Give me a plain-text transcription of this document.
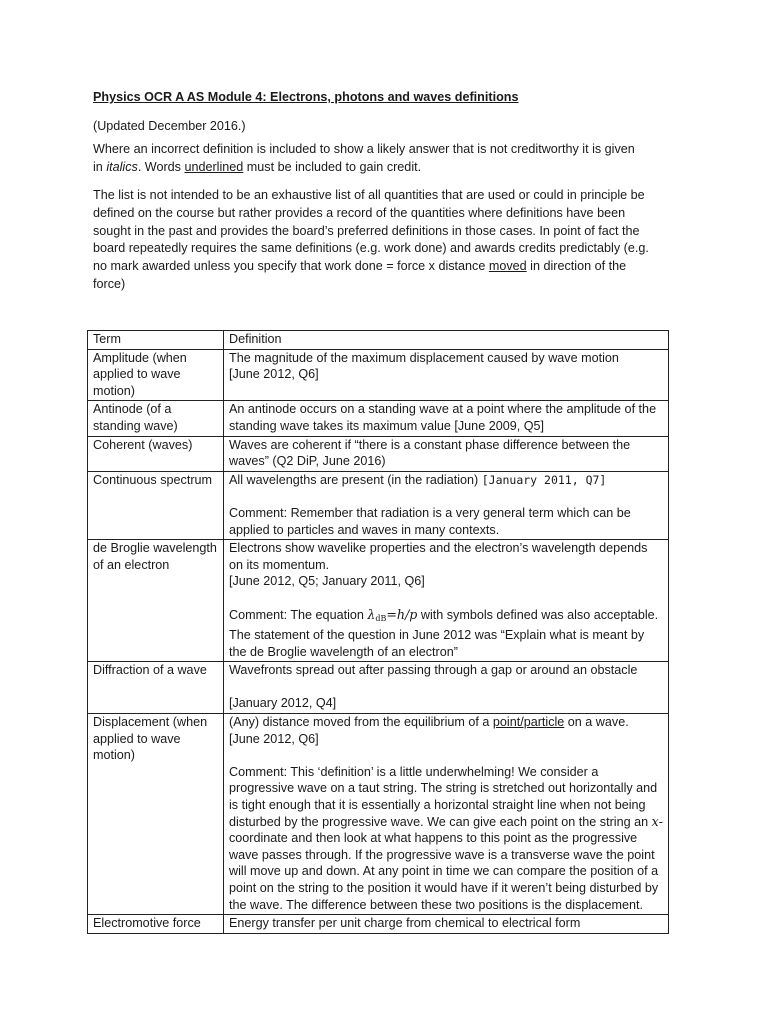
Physics OCR A AS Module 4: Electrons, photons and waves definitions
(Updated December 2016.)
Where an incorrect definition is included to show a likely answer that is not creditworthy it is given
in italics. Words underlined must be included to gain credit.
The list is not intended to be an exhaustive list of all quantities that are used or could in principle be
defined on the course but rather provides a record of the quantities where definitions have been
sought in the past and provides the board’s preferred definitions in those cases. In point of fact the
board repeatedly requires the same definitions (e.g. work done) and awards credits predictably (e.g.
no mark awarded unless you specify that work done = force x distance moved in direction of the
force)
Term	Definition
Amplitude (when applied to wave motion)	The magnitude of the maximum displacement caused by wave motion
[June 2012, Q6]
Antinode (of a standing wave)	An antinode occurs on a standing wave at a point where the amplitude of the standing wave takes its maximum value [June 2009, Q5]
Coherent (waves)	Waves are coherent if “there is a constant phase difference between the waves” (Q2 DiP, June 2016)
Continuous spectrum	All wavelengths are present (in the radiation) [January 2011, Q7]
Comment: Remember that radiation is a very general term which can be applied to particles and waves in many contexts.
de Broglie wavelength of an electron	Electrons show wavelike properties and the electron’s wavelength depends on its momentum.
[June 2012, Q5; January 2011, Q6]
Comment: The equation $\lambda_{dB}=h/p$ with symbols defined was also acceptable. The statement of the question in June 2012 was “Explain what is meant by the de Broglie wavelength of an electron”
Diffraction of a wave	Wavefronts spread out after passing through a gap or around an obstacle
[January 2012, Q4]
Displacement (when applied to wave motion)	(Any) distance moved from the equilibrium of a point/particle on a wave.
[June 2012, Q6]
Comment: This ‘definition’ is a little underwhelming! We consider a progressive wave on a taut string. The string is stretched out horizontally and is tight enough that it is essentially a horizontal straight line when not being disturbed by the progressive wave. We can give each point on the string an x-coordinate and then look at what happens to this point as the progressive wave passes through. If the progressive wave is a transverse wave the point will move up and down. At any point in time we can compare the position of a point on the string to the position it would have if it weren’t being disturbed by the wave. The difference between these two positions is the displacement.
Electromotive force	Energy transfer per unit charge from chemical to electrical form
